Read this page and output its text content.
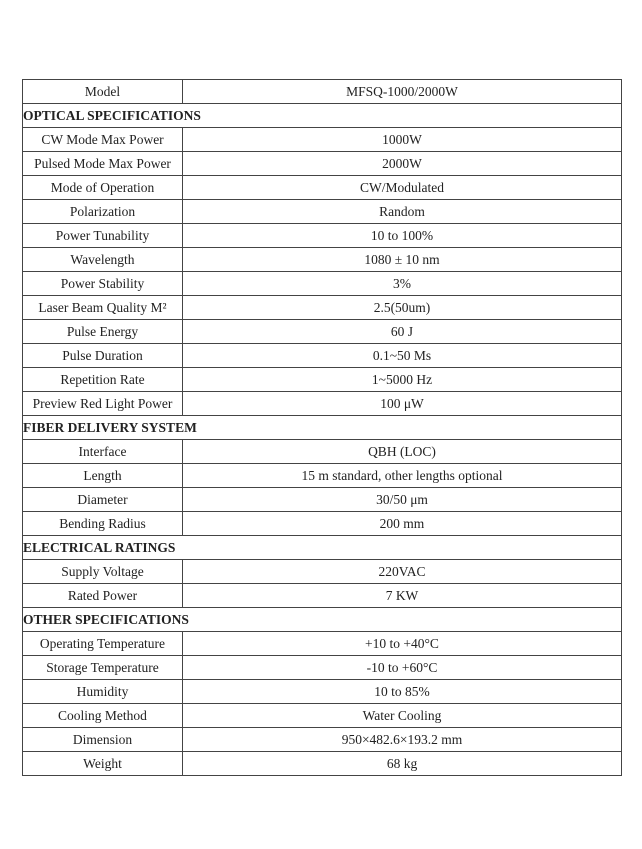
Model	MFSQ-1000/2000W
OPTICAL SPECIFICATIONS	
CW Mode Max Power	1000W
Pulsed Mode Max Power	2000W
Mode of Operation	CW/Modulated
Polarization	Random
Power Tunability	10 to 100%
Wavelength	1080 ± 10 nm
Power Stability	3%
Laser Beam Quality M²	2.5(50um)
Pulse Energy	60 J
Pulse Duration	0.1~50 Ms
Repetition Rate	1~5000 Hz
Preview Red Light Power	100 μW
FIBER DELIVERY SYSTEM	
Interface	QBH (LOC)
Length	15 m standard, other lengths optional
Diameter	30/50 μm
Bending Radius	200 mm
ELECTRICAL RATINGS	
Supply Voltage	220VAC
Rated Power	7 KW
OTHER SPECIFICATIONS	
Operating Temperature	+10 to +40°C
Storage Temperature	-10 to +60°C
Humidity	10 to 85%
Cooling Method	Water Cooling
Dimension	950×482.6×193.2 mm
Weight	68 kg
